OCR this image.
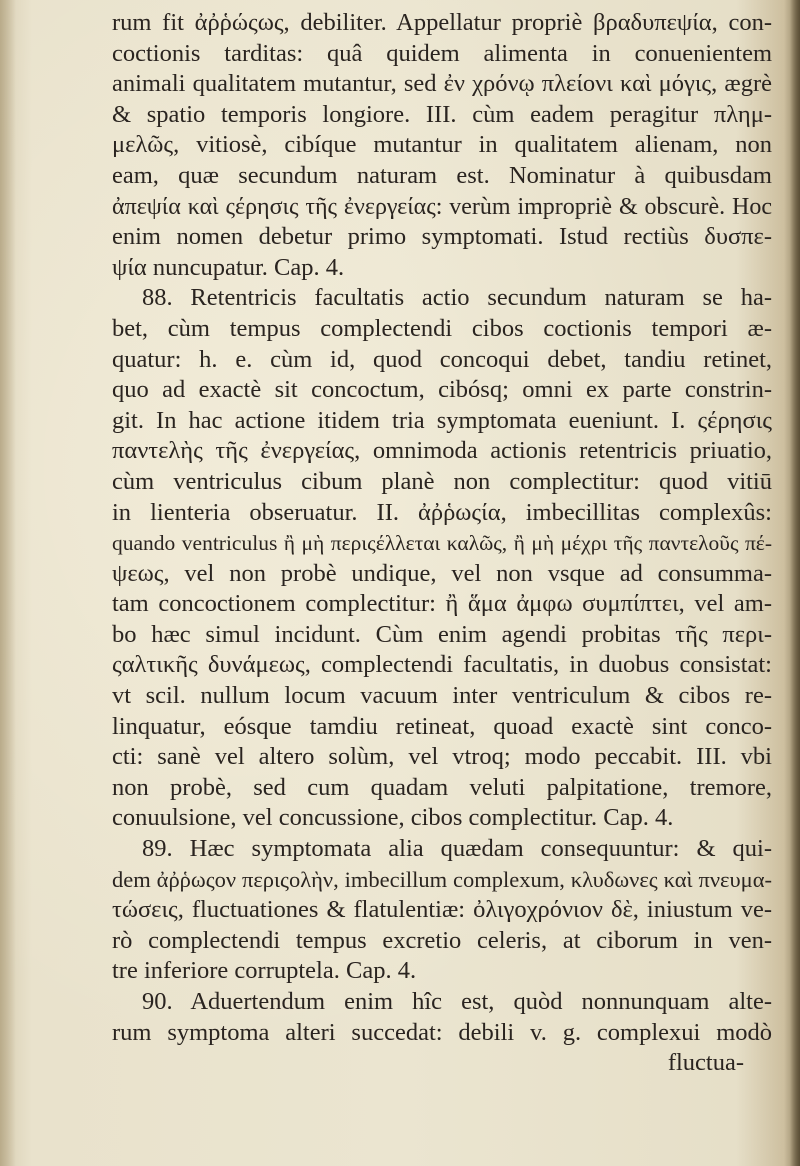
rum fit ἀῤῥώςως, debiliter. Appellatur propriè βραδυπεψία, con-
coctionis tarditas: quâ quidem alimenta in conuenientem
animali qualitatem mutantur, sed ἐν χρόνῳ πλείονι καὶ μόγις, ægrè
& spatio temporis longiore. III. cùm eadem peragitur πλημ-
μελῶς, vitiosè, cibíque mutantur in qualitatem alienam, non
eam, quæ secundum naturam est. Nominatur à quibusdam
ἀπεψία καὶ ςέρησις τῆς ἐνεργείας: verùm impropriè & obscurè. Hoc
enim nomen debetur primo symptomati. Istud rectiùs δυσπε-
ψία nuncupatur. Cap. 4.
88. Retentricis facultatis actio secundum naturam se ha-
bet, cùm tempus complectendi cibos coctionis tempori æ-
quatur: h. e. cùm id, quod concoqui debet, tandiu retinet,
quo ad exactè sit concoctum, cibósq; omni ex parte constrin-
git. In hac actione itidem tria symptomata eueniunt. I. ςέρησις
παντελὴς τῆς ἐνεργείας, omnimoda actionis retentricis priuatio,
cùm ventriculus cibum planè non complectitur: quod vitiū
in lienteria obseruatur. II. ἀῤῥωςία, imbecillitas complexûs:
quando ventriculus ἢ μὴ περιςέλλεται καλῶς, ἢ μὴ μέχρι τῆς παντελοῦς πέ-
ψεως, vel non probè undique, vel non vsque ad consumma-
tam concoctionem complectitur: ἢ ἅμα ἀμφω συμπίπτει, vel am-
bo hæc simul incidunt. Cùm enim agendi probitas τῆς περι-
ςαλτικῆς δυνάμεως, complectendi facultatis, in duobus consistat:
vt scil. nullum locum vacuum inter ventriculum & cibos re-
linquatur, eósque tamdiu retineat, quoad exactè sint conco-
cti: sanè vel altero solùm, vel vtroq; modo peccabit. III. vbi
non probè, sed cum quadam veluti palpitatione, tremore,
conuulsione, vel concussione, cibos complectitur. Cap. 4.
89. Hæc symptomata alia quædam consequuntur: & qui-
dem ἀῤῥωςον περιςολὴν, imbecillum complexum, κλυδωνες καὶ πνευμα-
τώσεις, fluctuationes & flatulentiæ: ὀλιγοχρόνιον δὲ, iniustum ve-
rò complectendi tempus excretio celeris, at ciborum in ven-
tre inferiore corruptela. Cap. 4.
90. Aduertendum enim hîc est, quòd nonnunquam alte-
rum symptoma alteri succedat: debili v. g. complexui modò
fluctua-
